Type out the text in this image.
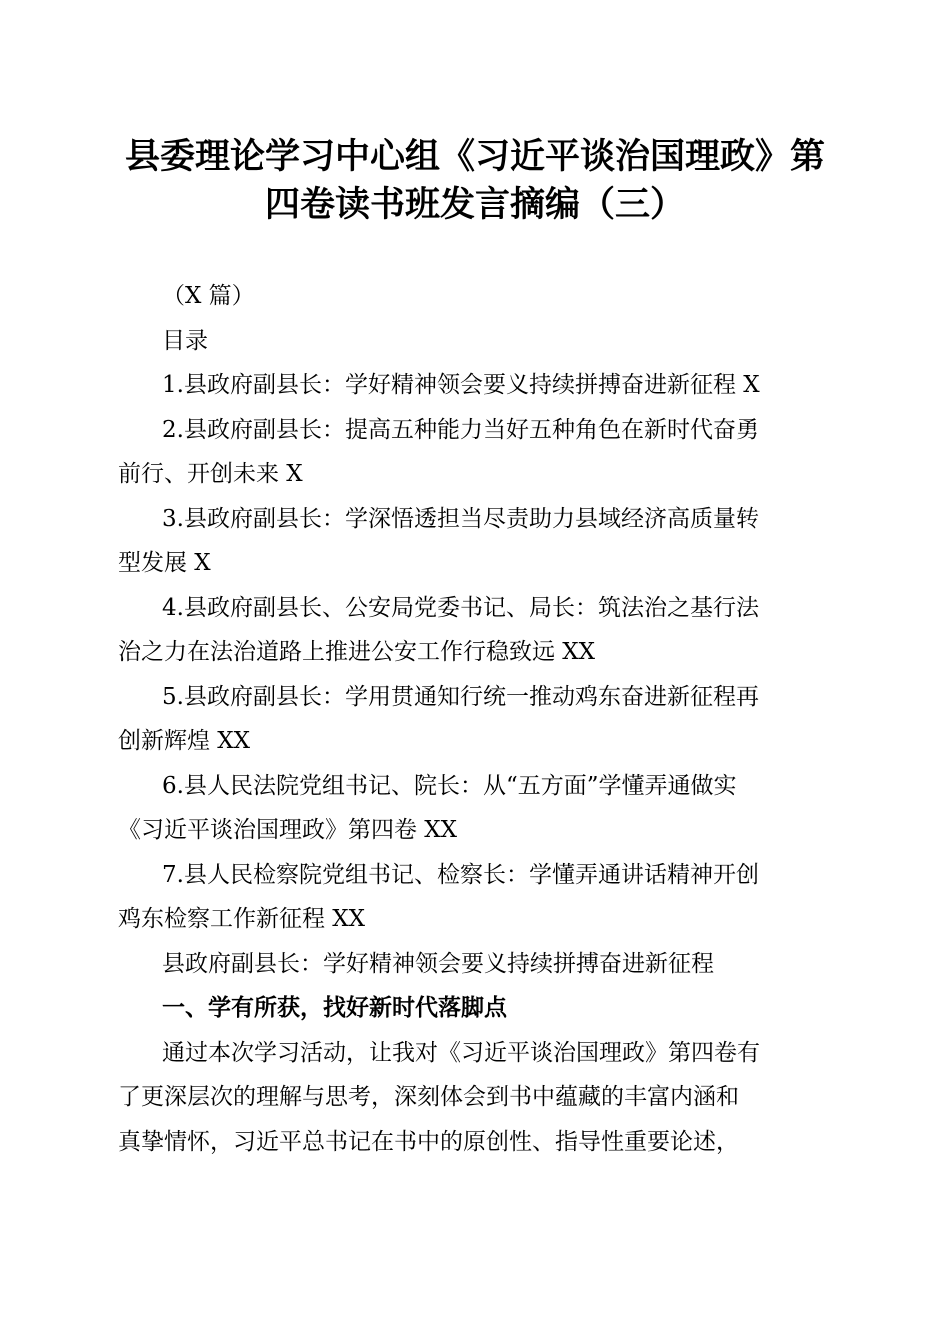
县委理论学习中心组《习近平谈治国理政》第
四卷读书班发言摘编（三）

（X 篇）

目录

1.县政府副县长：学好精神领会要义持续拼搏奋进新征程 X

2.县政府副县长：提高五种能力当好五种角色在新时代奋勇
前行、开创未来 X

3.县政府副县长：学深悟透担当尽责助力县域经济高质量转
型发展 X

4.县政府副县长、公安局党委书记、局长：筑法治之基行法
治之力在法治道路上推进公安工作行稳致远 XX

5.县政府副县长：学用贯通知行统一推动鸡东奋进新征程再
创新辉煌 XX

6.县人民法院党组书记、院长：从“五方面”学懂弄通做实
《习近平谈治国理政》第四卷 XX

7.县人民检察院党组书记、检察长：学懂弄通讲话精神开创
鸡东检察工作新征程 XX

县政府副县长：学好精神领会要义持续拼搏奋进新征程

一、学有所获，找好新时代落脚点

通过本次学习活动，让我对《习近平谈治国理政》第四卷有
了更深层次的理解与思考，深刻体会到书中蕴藏的丰富内涵和
真挚情怀，习近平总书记在书中的原创性、指导性重要论述，
